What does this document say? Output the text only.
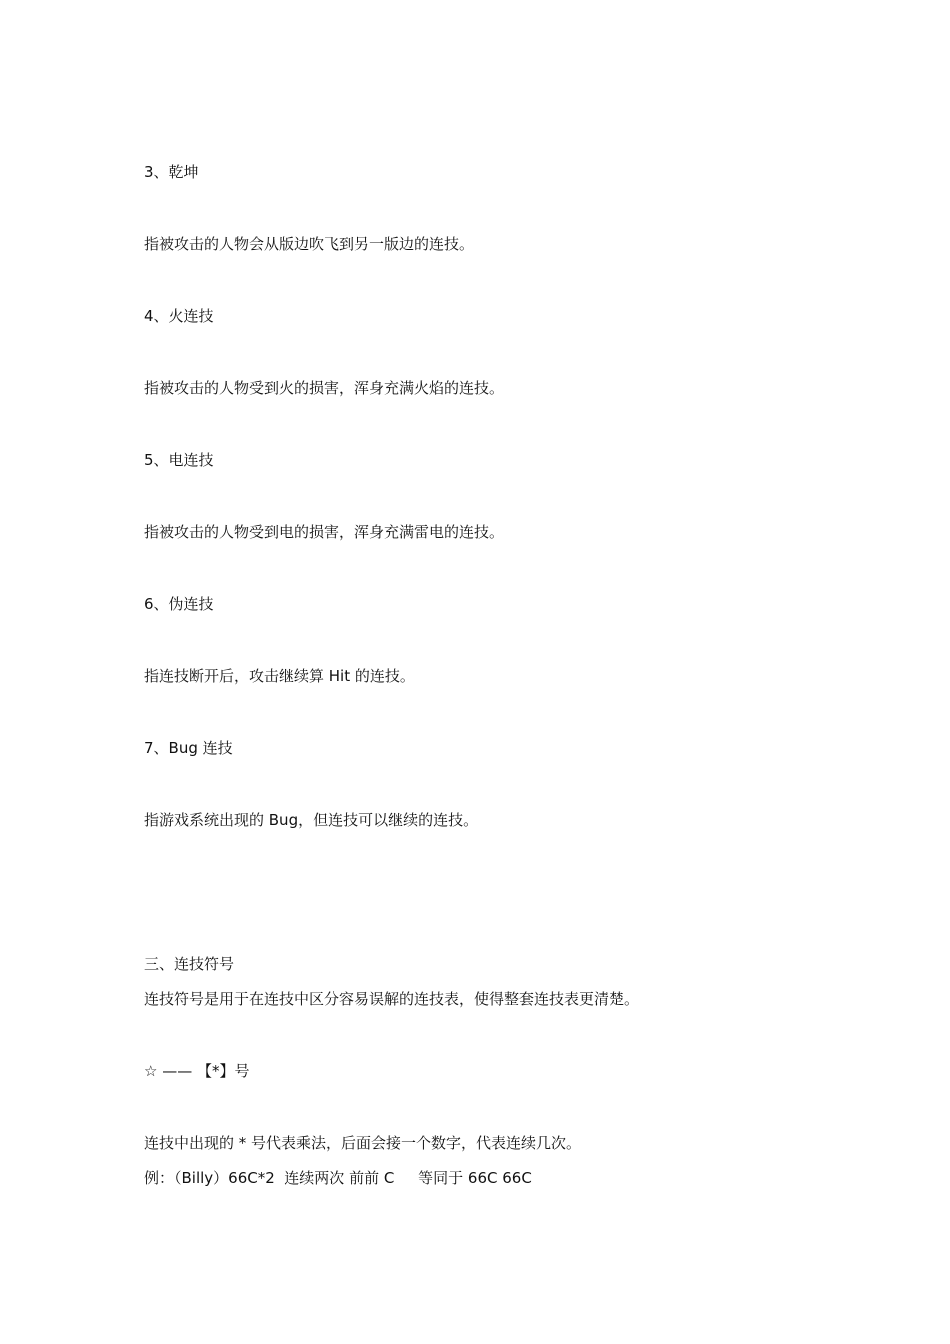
3、乾坤

指被攻击的人物会从版边吹飞到另一版边的连技。

4、火连技

指被攻击的人物受到火的损害，浑身充满火焰的连技。

5、电连技

指被攻击的人物受到电的损害，浑身充满雷电的连技。

6、伪连技

指连技断开后，攻击继续算 Hit 的连技。

7、Bug 连技

指游戏系统出现的 Bug，但连技可以继续的连技。

三、连技符号

连技符号是用于在连技中区分容易误解的连技表，使得整套连技表更清楚。

☆ —— 【*】号

连技中出现的 * 号代表乘法，后面会接一个数字，代表连续几次。

例：（Billy）66C*2  连续两次 前前 C     等同于 66C 66C
